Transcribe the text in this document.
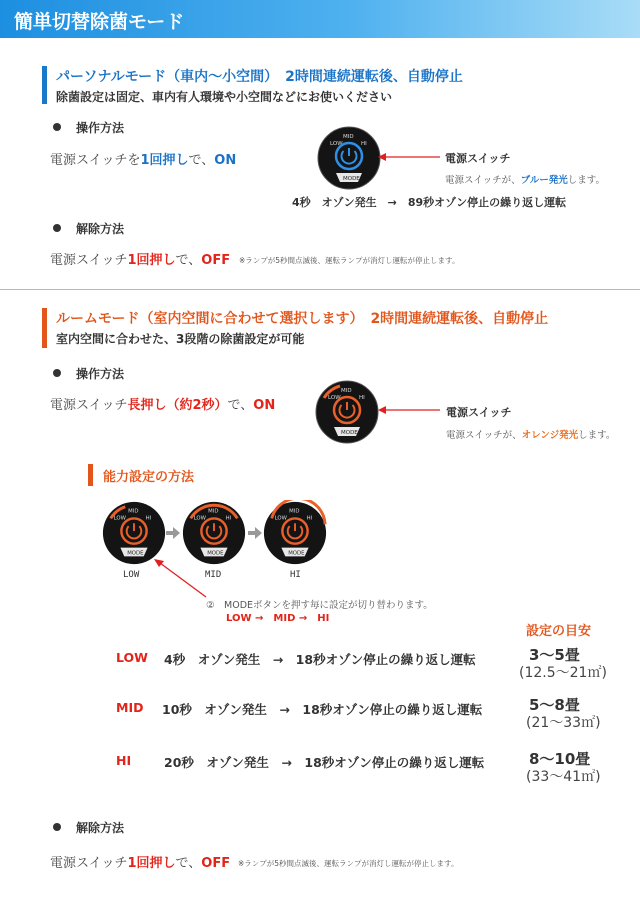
簡単切替除菌モード
パーソナルモード（車内〜小空間）　2時間連続運転後、自動停止
除菌設定は固定、車内有人環境や小空間などにお使いください
操作方法
電源スイッチを1回押しで、ON
LOW
MID
HI
MODE
電源スイッチ
電源スイッチが、ブルー発光します。
4秒　オゾン発生　→　89秒オゾン停止の繰り返し運転
解除方法
電源スイッチ1回押しで、OFF ※ランプが5秒間点滅後、運転ランプが消灯し運転が停止します。
ルームモード（室内空間に合わせて選択します）　2時間連続運転後、自動停止
室内空間に合わせた、3段階の除菌設定が可能
操作方法
電源スイッチ長押し（約2秒）で、ON	LOW
MID
HI
MODE
電源スイッチ
電源スイッチが、オレンジ発光します。
能力設定の方法
LOW
MID
HI
MODE
LOW
MID
HI
MODE
LOW
MID
HI
MODE
LOW	MID	HI
②　MODEボタンを押す毎に設定が切り替わります。
LOW →　MID →　HI
設定の目安
LOW 4秒　オゾン発生　→　18秒オゾン停止の繰り返し運転	3〜5畳
(12.5〜21㎡)
MID 10秒　オゾン発生　→　18秒オゾン停止の繰り返し運転	5〜8畳
(21〜33㎡)
HI	20秒　オゾン発生　→　18秒オゾン停止の繰り返し運転	8〜10畳
(33〜41㎡)
解除方法
電源スイッチ1回押しで、OFF ※ランプが5秒間点滅後、運転ランプが消灯し運転が停止します。
